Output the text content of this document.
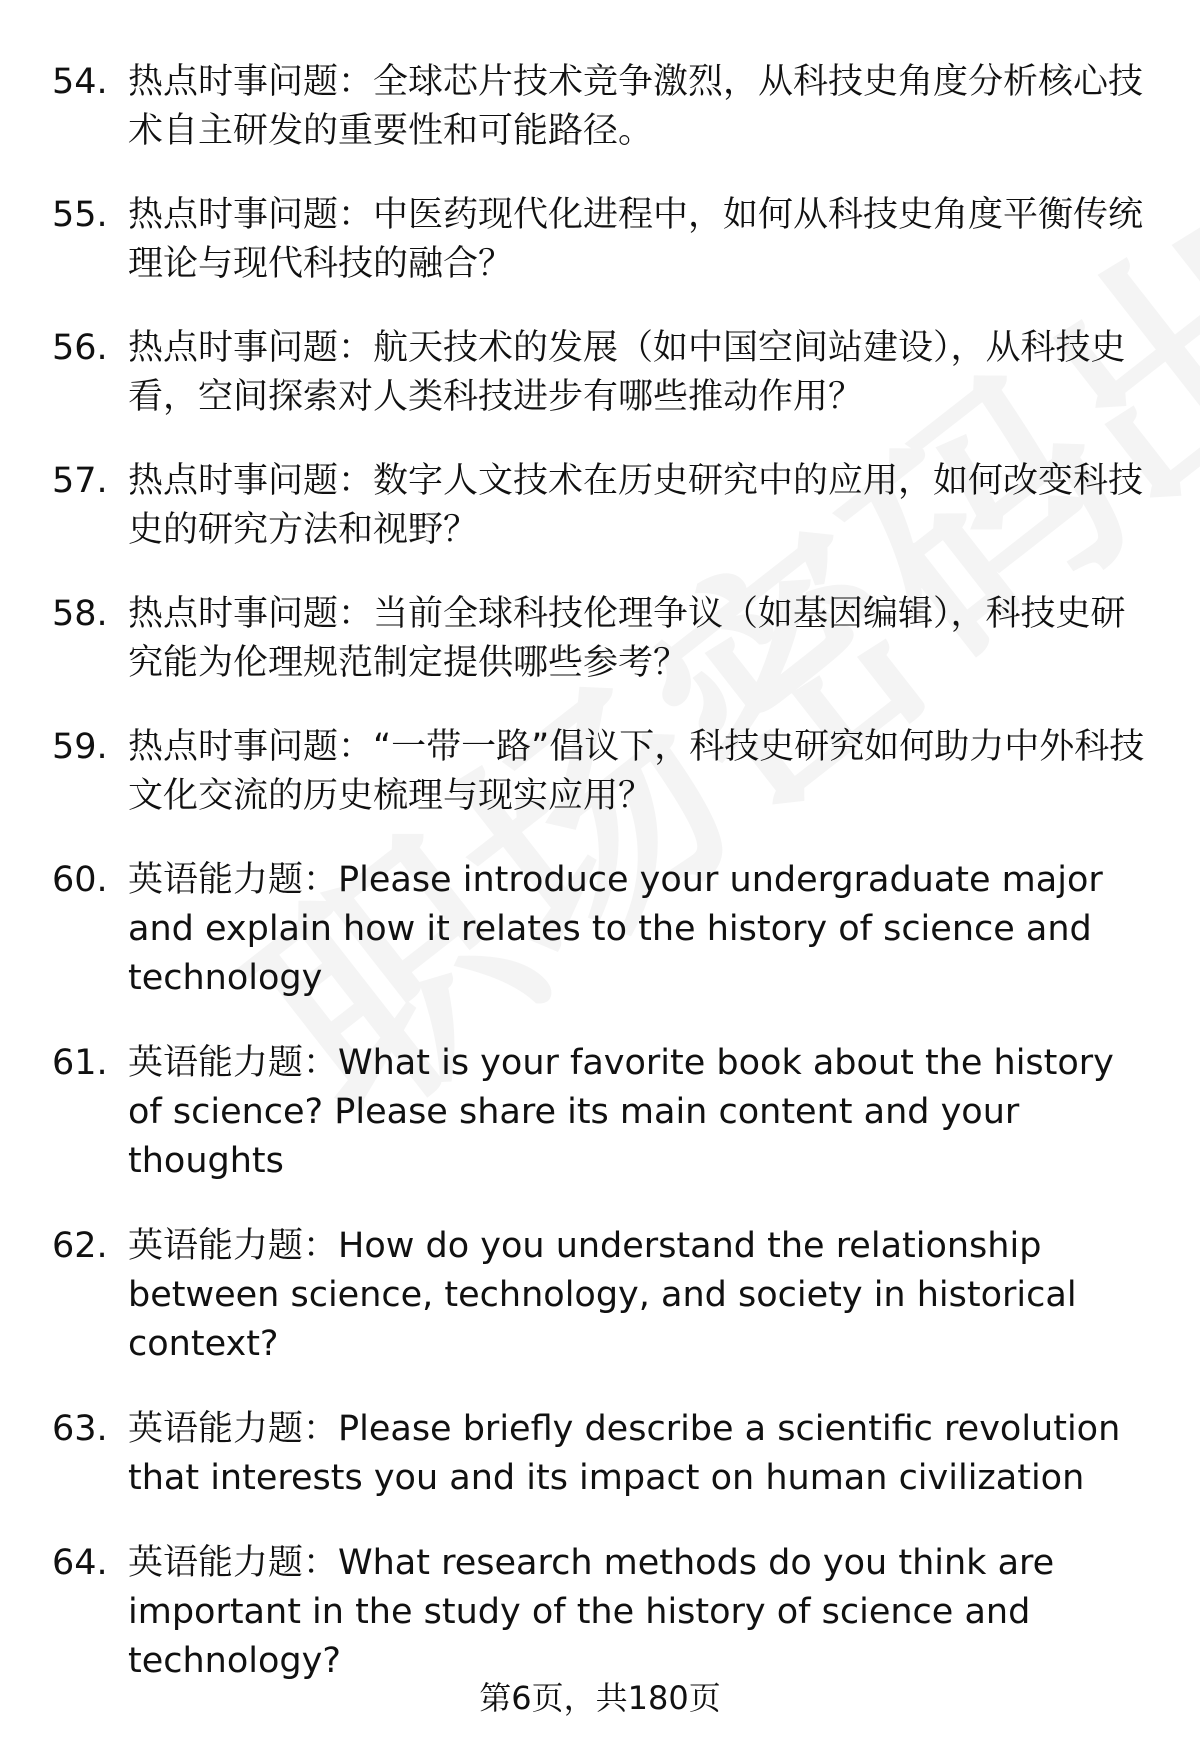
54. 热点时事问题：全球芯片技术竞争激烈，从科技史角度分析核心技术自主研发的重要性和可能路径。
55. 热点时事问题：中医药现代化进程中，如何从科技史角度平衡传统理论与现代科技的融合？
56. 热点时事问题：航天技术的发展（如中国空间站建设），从科技史看，空间探索对人类科技进步有哪些推动作用？
57. 热点时事问题：数字人文技术在历史研究中的应用，如何改变科技史的研究方法和视野？
58. 热点时事问题：当前全球科技伦理争议（如基因编辑），科技史研究能为伦理规范制定提供哪些参考？
59. 热点时事问题：“一带一路”倡议下，科技史研究如何助力中外科技文化交流的历史梳理与现实应用？
60. 英语能力题：Please introduce your undergraduate major and explain how it relates to the history of science and technology
61. 英语能力题：What is your favorite book about the history of science? Please share its main content and your thoughts
62. 英语能力题：How do you understand the relationship between science, technology, and society in historical context?
63. 英语能力题：Please briefly describe a scientific revolution that interests you and its impact on human civilization
64. 英语能力题：What research methods do you think are important in the study of the history of science and technology?
第6页，共180页
